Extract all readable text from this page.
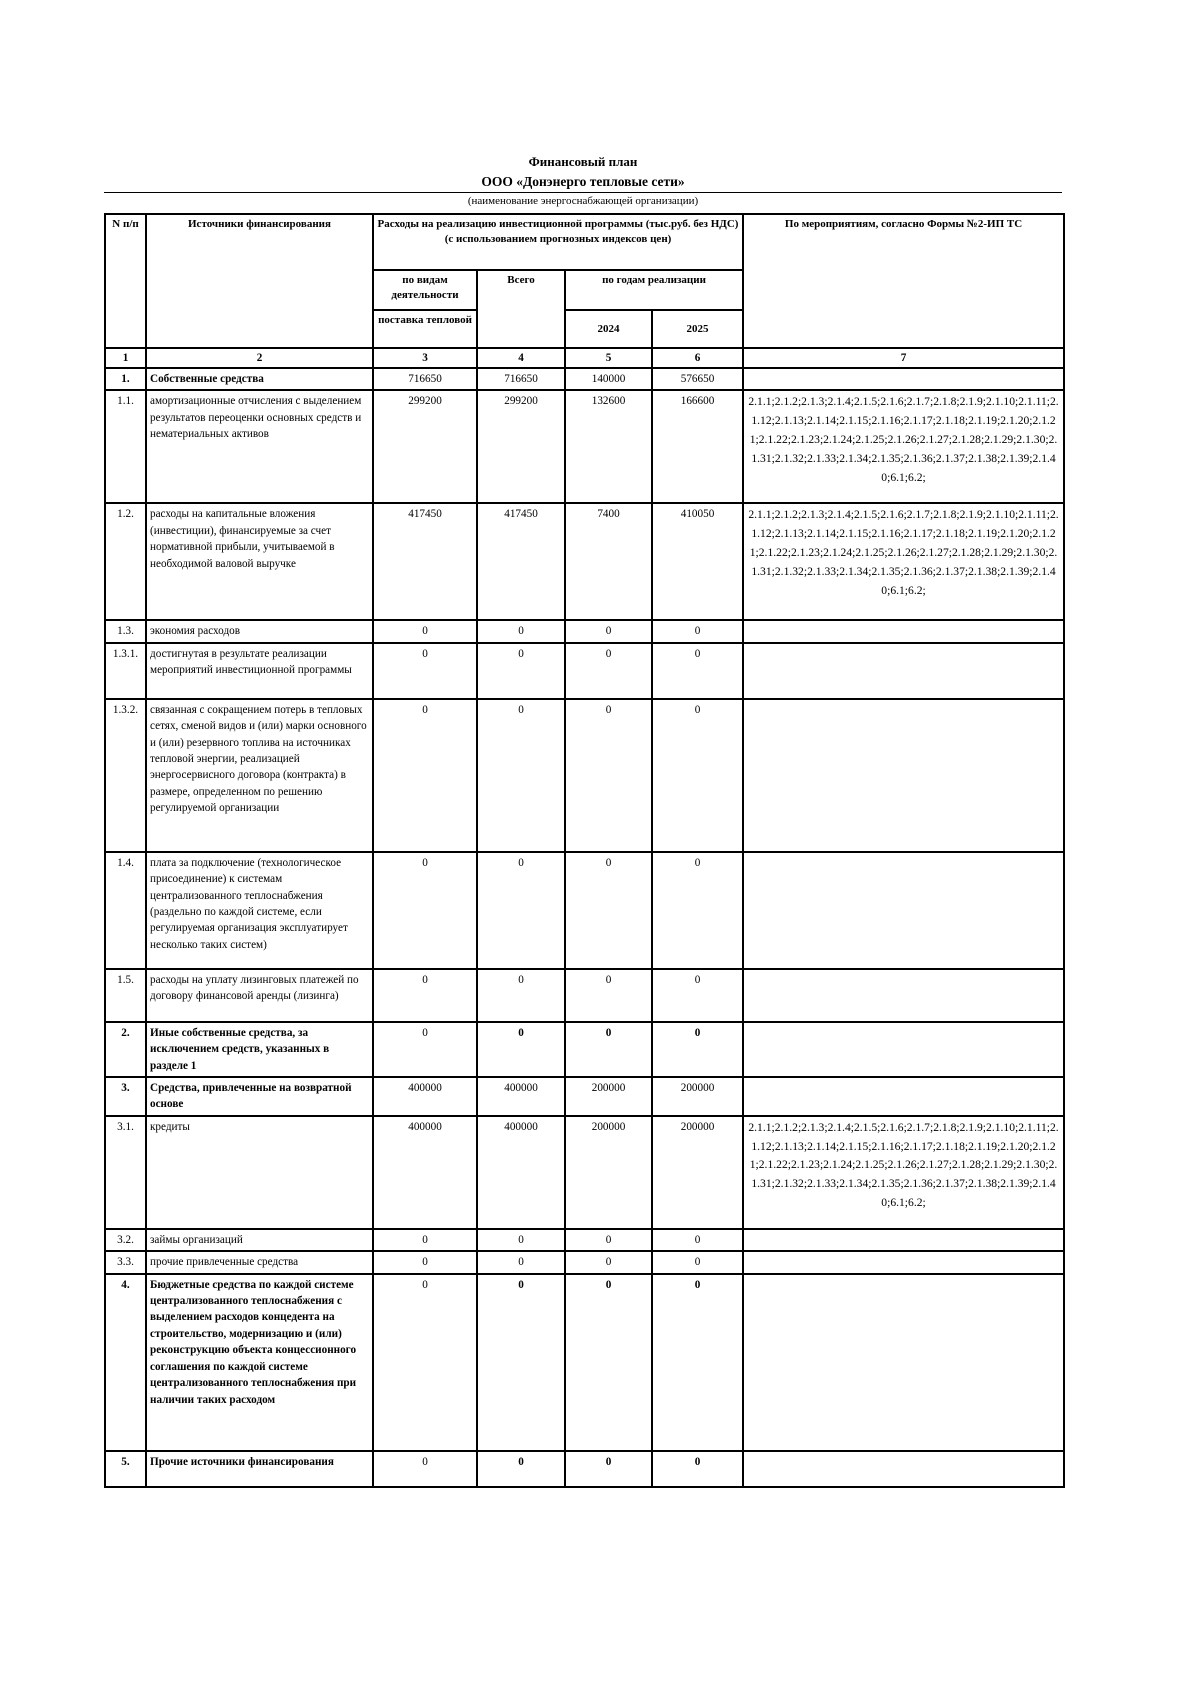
Финансовый план
ООО «Донэнерго тепловые сети»
(наименование энергоснабжающей организации)
N п/п	Источники финансирования	Расходы на реализацию инвестиционной программы (тыс.руб. без НДС) (с использованием прогнозных индексов цен)				По мероприятиям, согласно Формы №2-ИП ТС
		по видам деятельности	Всего	по годам реализации		
		поставка тепловой		2024	2025	
1	2	3	4	5	6	7
1.	Собственные средства	716650	716650	140000	576650	
1.1.	амортизационные отчисления с выделением результатов переоценки основных средств и нематериальных активов	299200	299200	132600	166600	2.1.1;2.1.2;2.1.3;2.1.4;2.1.5;2.1.6;2.1.7;2.1.8;2.1.9;2.1.10;2.1.11;2.1.12;2.1.13;2.1.14;2.1.15;2.1.16;2.1.17;2.1.18;2.1.19;2.1.20;2.1.21;2.1.22;2.1.23;2.1.24;2.1.25;2.1.26;2.1.27;2.1.28;2.1.29;2.1.30;2.1.31;2.1.32;2.1.33;2.1.34;2.1.35;2.1.36;2.1.37;2.1.38;2.1.39;2.1.40;6.1;6.2;
1.2.	расходы на капитальные вложения (инвестиции), финансируемые за счет нормативной прибыли, учитываемой в необходимой валовой выручке	417450	417450	7400	410050	2.1.1;2.1.2;2.1.3;2.1.4;2.1.5;2.1.6;2.1.7;2.1.8;2.1.9;2.1.10;2.1.11;2.1.12;2.1.13;2.1.14;2.1.15;2.1.16;2.1.17;2.1.18;2.1.19;2.1.20;2.1.21;2.1.22;2.1.23;2.1.24;2.1.25;2.1.26;2.1.27;2.1.28;2.1.29;2.1.30;2.1.31;2.1.32;2.1.33;2.1.34;2.1.35;2.1.36;2.1.37;2.1.38;2.1.39;2.1.40;6.1;6.2;
1.3.	экономия расходов	0	0	0	0	
1.3.1.	достигнутая в результате реализации мероприятий инвестиционной программы	0	0	0	0	
1.3.2.	связанная с сокращением потерь в тепловых сетях, сменой видов и (или) марки основного и (или) резервного топлива на источниках тепловой энергии, реализацией энергосервисного договора (контракта) в размере, определенном по решению регулируемой организации	0	0	0	0	
1.4.	плата за подключение (технологическое присоединение) к системам централизованного теплоснабжения (раздельно по каждой системе, если регулируемая организация эксплуатирует несколько таких систем)	0	0	0	0	
1.5.	расходы на уплату лизинговых платежей по договору финансовой аренды (лизинга)	0	0	0	0	
2.	Иные собственные средства, за исключением средств, указанных в разделе 1	0	0	0	0	
3.	Средства, привлеченные на возвратной основе	400000	400000	200000	200000	
3.1.	кредиты	400000	400000	200000	200000	2.1.1;2.1.2;2.1.3;2.1.4;2.1.5;2.1.6;2.1.7;2.1.8;2.1.9;2.1.10;2.1.11;2.1.12;2.1.13;2.1.14;2.1.15;2.1.16;2.1.17;2.1.18;2.1.19;2.1.20;2.1.21;2.1.22;2.1.23;2.1.24;2.1.25;2.1.26;2.1.27;2.1.28;2.1.29;2.1.30;2.1.31;2.1.32;2.1.33;2.1.34;2.1.35;2.1.36;2.1.37;2.1.38;2.1.39;2.1.40;6.1;6.2;
3.2.	займы организаций	0	0	0	0	
3.3.	прочие привлеченные средства	0	0	0	0	
4.	Бюджетные средства по каждой системе централизованного теплоснабжения с выделением расходов концедента на строительство, модернизацию и (или) реконструкцию объекта концессионного соглашения по каждой системе централизованного теплоснабжения при наличии таких расходом	0	0	0	0	
5.	Прочие источники финансирования	0	0	0	0	
